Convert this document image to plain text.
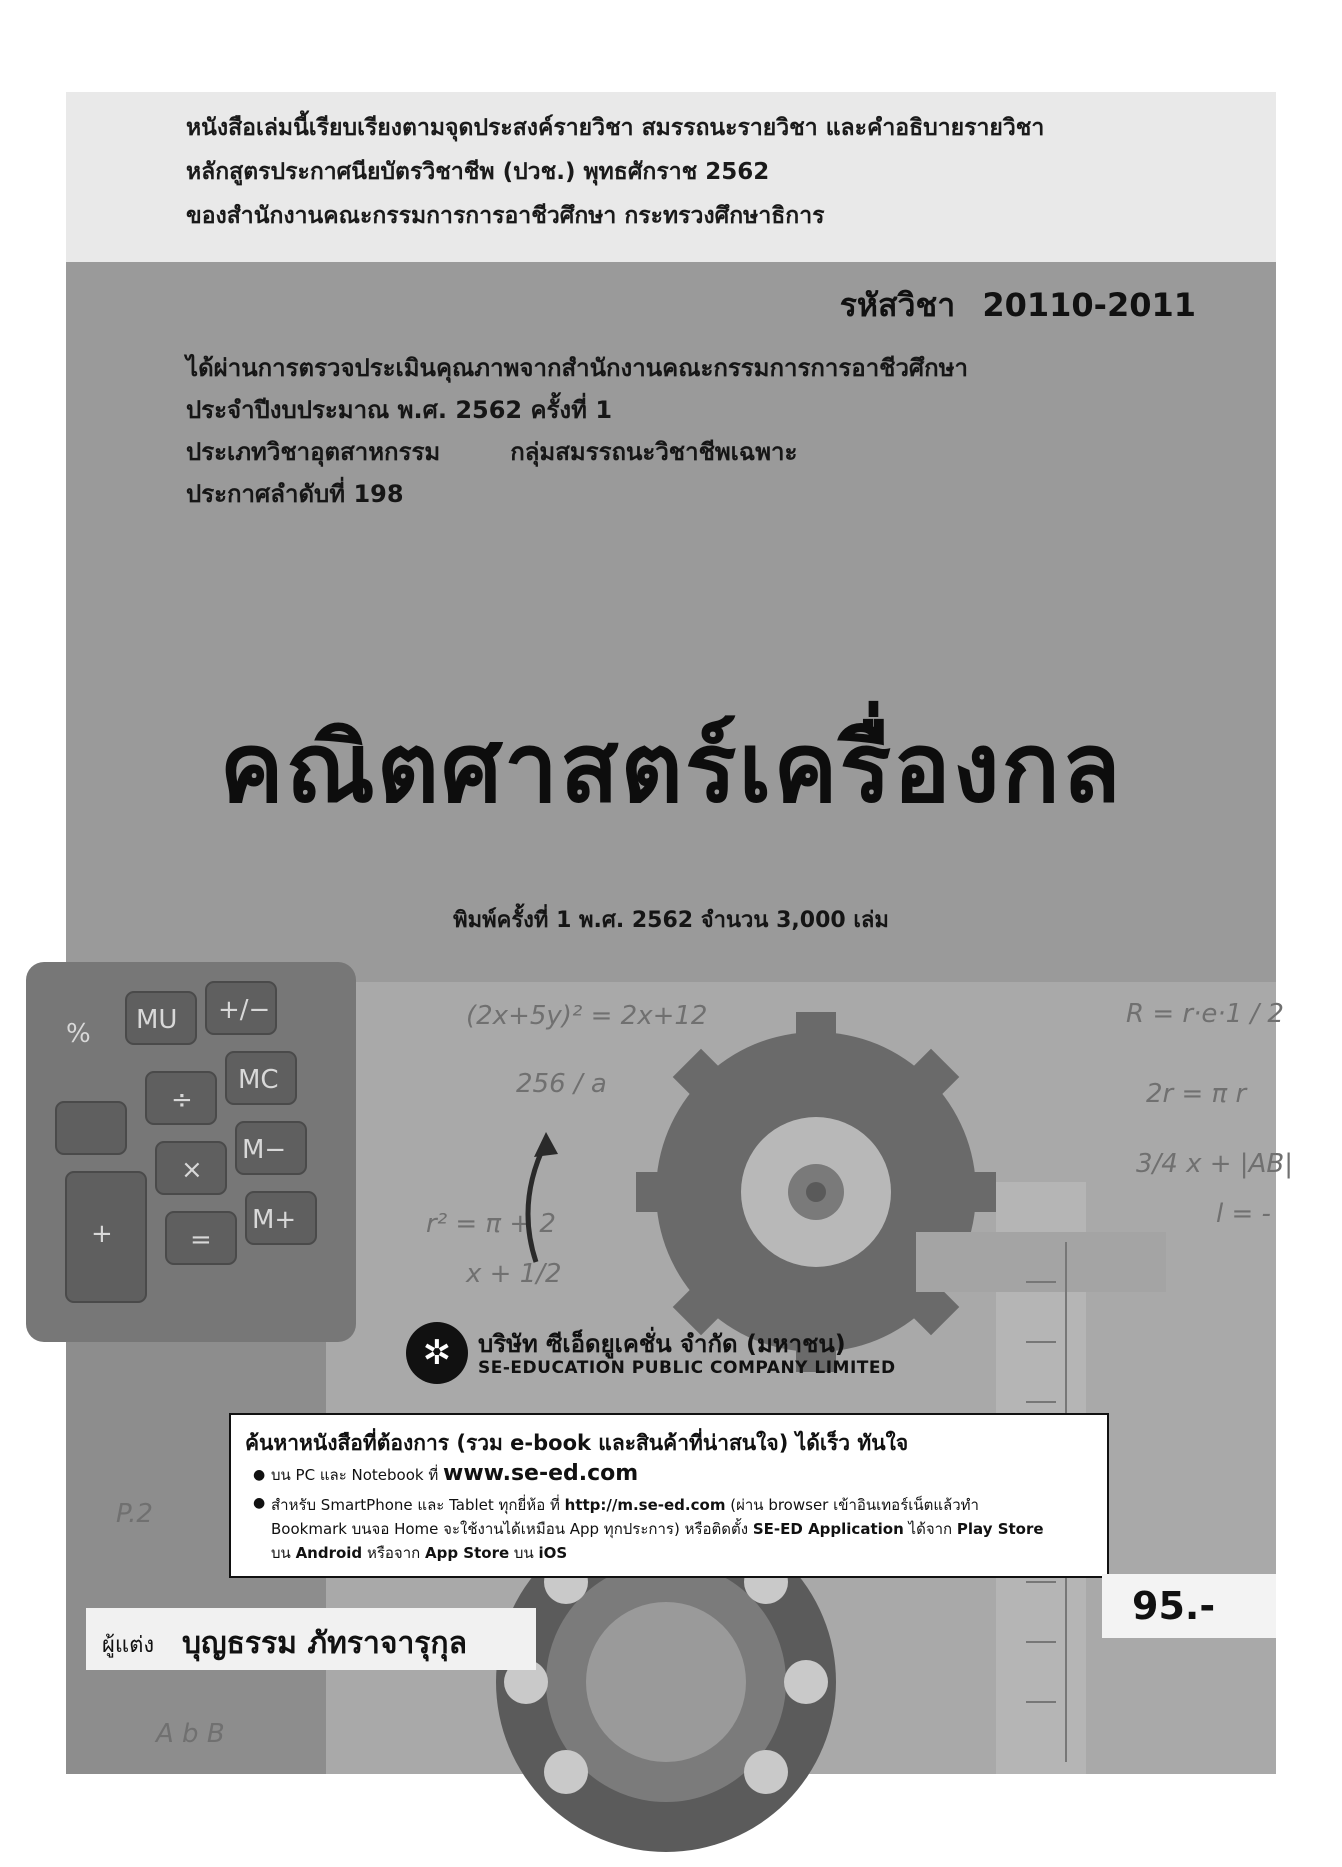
หนังสือเล่มนี้เรียบเรียงตามจุดประสงค์รายวิชา สมรรถนะรายวิชา และคำอธิบายรายวิชา
หลักสูตรประกาศนียบัตรวิชาชีพ (ปวช.) พุทธศักราช 2562
ของสำนักงานคณะกรรมการการอาชีวศึกษา กระทรวงศึกษาธิการ
รหัสวิชา 20110-2011
ได้ผ่านการตรวจประเมินคุณภาพจากสำนักงานคณะกรรมการการอาชีวศึกษา
ประจำปีงบประมาณ พ.ศ. 2562 ครั้งที่ 1
ประเภทวิชาอุตสาหกรรม	กลุ่มสมรรถนะวิชาชีพเฉพาะ
ประกาศลำดับที่ 198
คณิตศาสตร์เครื่องกล
พิมพ์ครั้งที่ 1 พ.ศ. 2562 จำนวน 3,000 เล่ม
MU +/−
%
÷
MC
×
M−
+	=
M+
(2x+5y)² = 2x+12
2r = π r
R = r·e·1 / 2
3/4 x + |AB|
256 / a
r² = π + 2	l = -
x + 1/2
P.2
A b B
✲	บริษัท ซีเอ็ดยูเคชั่น จำกัด (มหาชน)
SE-EDUCATION PUBLIC COMPANY LIMITED
ค้นหาหนังสือที่ต้องการ (รวม e-book และสินค้าที่น่าสนใจ) ได้เร็ว ทันใจ
● บน PC และ Notebook ที่ www.se-ed.com
● สำหรับ SmartPhone และ Tablet ทุกยี่ห้อ ที่ http://m.se-ed.com (ผ่าน browser เข้าอินเทอร์เน็ตแล้วทำ
Bookmark บนจอ Home จะใช้งานได้เหมือน App ทุกประการ) หรือติดตั้ง SE-ED Application ได้จาก Play Store
บน Android หรือจาก App Store บน iOS
95.-
ผู้แต่ง บุญธรรม ภัทราจารุกุล
